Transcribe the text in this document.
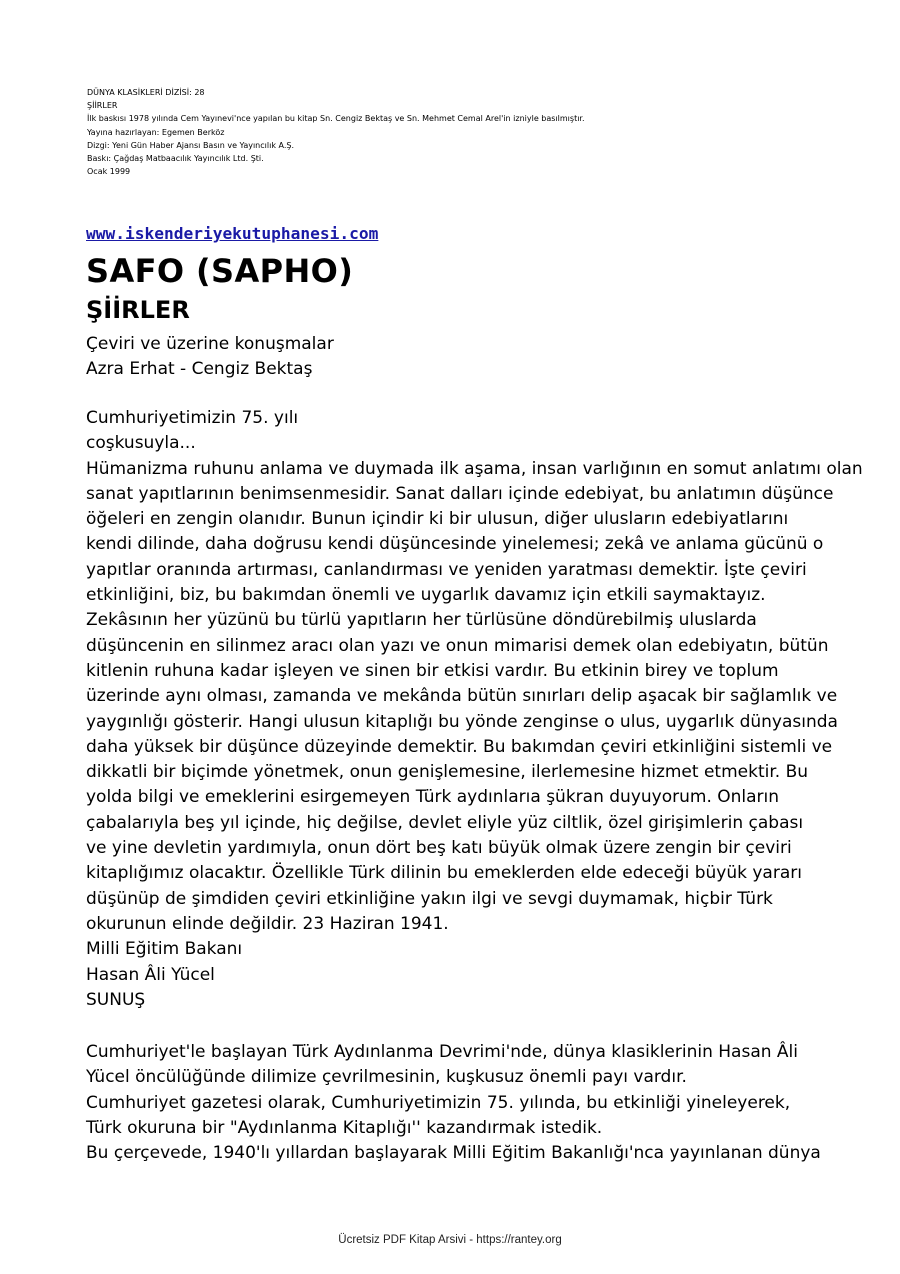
DÜNYA KLASİKLERİ DİZİSİ: 28
ŞİİRLER
İlk baskısı 1978 yılında Cem Yayınevi'nce yapılan bu kitap Sn. Cengiz Bektaş ve Sn. Mehmet Cemal Arel'in izniyle basılmıştır.
Yayına hazırlayan: Egemen Berköz
Dizgi: Yeni Gün Haber Ajansı Basın ve Yayıncılık A.Ş.
Baskı: Çağdaş Matbaacılık Yayıncılık Ltd. Şti.
Ocak 1999
www.iskenderiyekutuphanesi.com
SAFO (SAPHO)
ŞİİRLER
Çeviri ve üzerine konuşmalar
Azra Erhat - Cengiz Bektaş
Cumhuriyetimizin 75. yılı
coşkusuyla...
Hümanizma ruhunu anlama ve duymada ilk aşama, insan varlığının en somut anlatımı olan
sanat yapıtlarının benimsenmesidir. Sanat dalları içinde edebiyat, bu anlatımın düşünce
öğeleri en zengin olanıdır. Bunun içindir ki bir ulusun, diğer ulusların edebiyatlarını
kendi dilinde, daha doğrusu kendi düşüncesinde yinelemesi; zekâ ve anlama gücünü o
yapıtlar oranında artırması, canlandırması ve yeniden yaratması demektir. İşte çeviri
etkinliğini, biz, bu bakımdan önemli ve uygarlık davamız için etkili saymaktayız.
Zekâsının her yüzünü bu türlü yapıtların her türlüsüne döndürebilmiş uluslarda
düşüncenin en silinmez aracı olan yazı ve onun mimarisi demek olan edebiyatın, bütün
kitlenin ruhuna kadar işleyen ve sinen bir etkisi vardır. Bu etkinin birey ve toplum
üzerinde aynı olması, zamanda ve mekânda bütün sınırları delip aşacak bir sağlamlık ve
yaygınlığı gösterir. Hangi ulusun kitaplığı bu yönde zenginse o ulus, uygarlık dünyasında
daha yüksek bir düşünce düzeyinde demektir. Bu bakımdan çeviri etkinliğini sistemli ve
dikkatli bir biçimde yönetmek, onun genişlemesine, ilerlemesine hizmet etmektir. Bu
yolda bilgi ve emeklerini esirgemeyen Türk aydınlarıa şükran duyuyorum. Onların
çabalarıyla beş yıl içinde, hiç değilse, devlet eliyle yüz ciltlik, özel girişimlerin çabası
ve yine devletin yardımıyla, onun dört beş katı büyük olmak üzere zengin bir çeviri
kitaplığımız olacaktır. Özellikle Türk dilinin bu emeklerden elde edeceği büyük yararı
düşünüp de şimdiden çeviri etkinliğine yakın ilgi ve sevgi duymamak, hiçbir Türk
okurunun elinde değildir. 23 Haziran 1941.
Milli Eğitim Bakanı
Hasan Âli Yücel
SUNUŞ
Cumhuriyet'le başlayan Türk Aydınlanma Devrimi'nde, dünya klasiklerinin Hasan Âli
Yücel öncülüğünde dilimize çevrilmesinin, kuşkusuz önemli payı vardır.
Cumhuriyet gazetesi olarak, Cumhuriyetimizin 75. yılında, bu etkinliği yineleyerek,
Türk okuruna bir "Aydınlanma Kitaplığı'' kazandırmak istedik.
Bu çerçevede, 1940'lı yıllardan başlayarak Milli Eğitim Bakanlığı'nca yayınlanan dünya
Ücretsiz PDF Kitap Arsivi - https://rantey.org
